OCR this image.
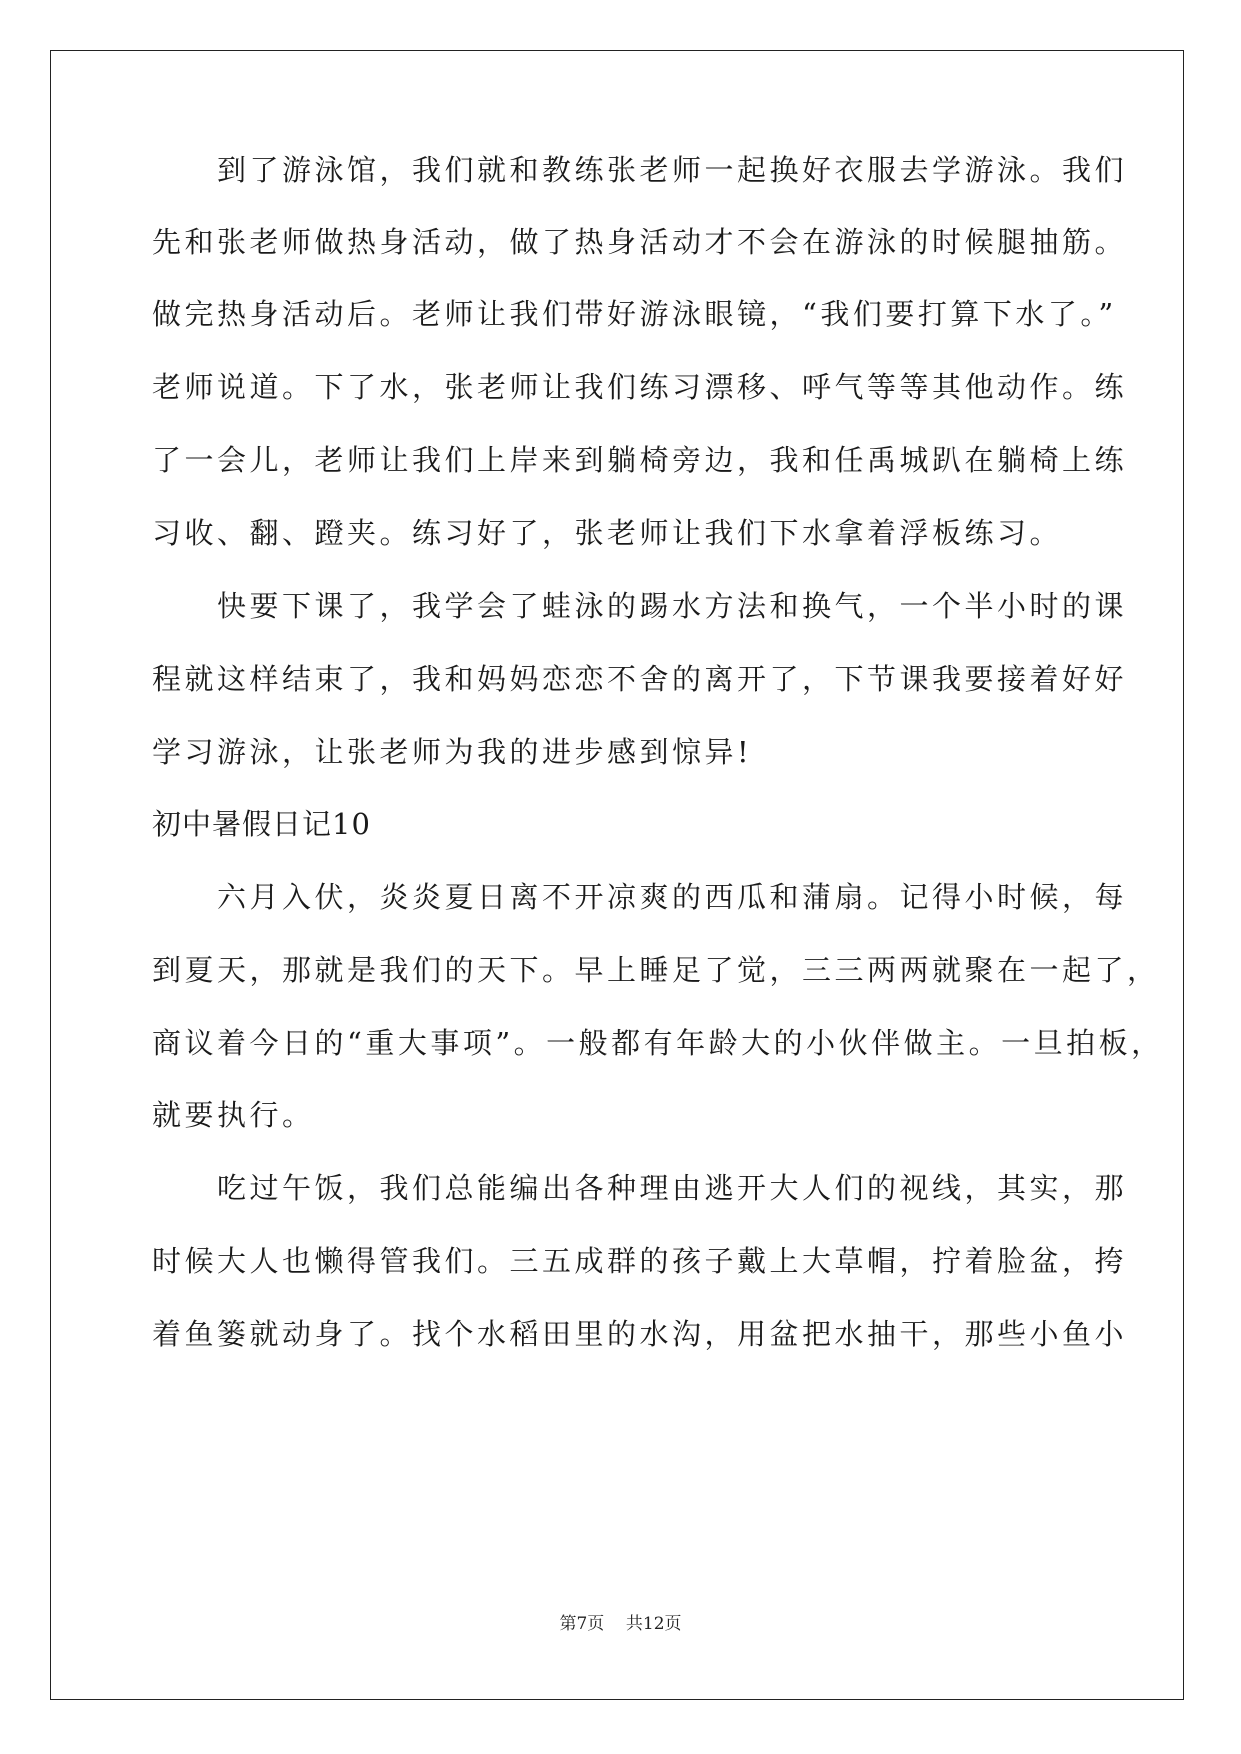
　　到了游泳馆，我们就和教练张老师一起换好衣服去学游泳。我们
先和张老师做热身活动，做了热身活动才不会在游泳的时候腿抽筋。
做完热身活动后。老师让我们带好游泳眼镜，“我们要打算下水了。”
老师说道。下了水，张老师让我们练习漂移、呼气等等其他动作。练
了一会儿，老师让我们上岸来到躺椅旁边，我和任禹城趴在躺椅上练
习收、翻、蹬夹。练习好了，张老师让我们下水拿着浮板练习。
　　快要下课了，我学会了蛙泳的踢水方法和换气，一个半小时的课
程就这样结束了，我和妈妈恋恋不舍的离开了，下节课我要接着好好
学习游泳，让张老师为我的进步感到惊异!
初中暑假日记10
　　六月入伏，炎炎夏日离不开凉爽的西瓜和蒲扇。记得小时候，每
到夏天，那就是我们的天下。早上睡足了觉，三三两两就聚在一起了，
商议着今日的“重大事项”。一般都有年龄大的小伙伴做主。一旦拍板，
就要执行。
　　吃过午饭，我们总能编出各种理由逃开大人们的视线，其实，那
时候大人也懒得管我们。三五成群的孩子戴上大草帽，拧着脸盆，挎
着鱼篓就动身了。找个水稻田里的水沟，用盆把水抽干，那些小鱼小
第7页 共12页
